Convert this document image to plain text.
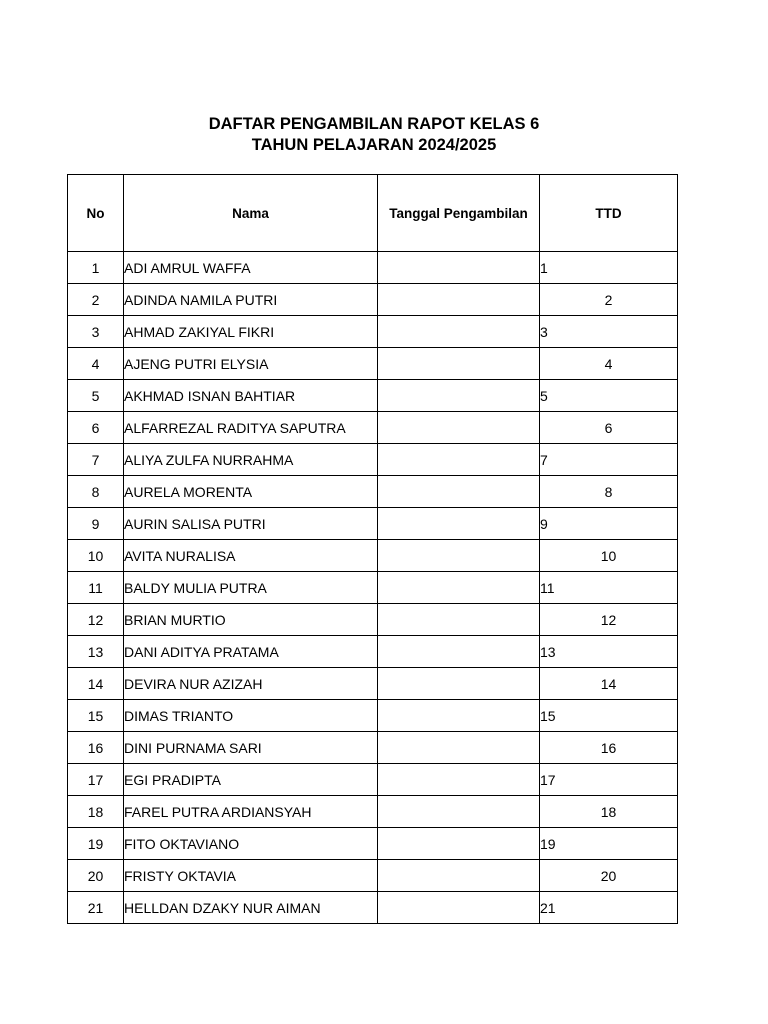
DAFTAR PENGAMBILAN RAPOT KELAS 6
TAHUN PELAJARAN 2024/2025
No	Nama	Tanggal Pengambilan	TTD
1	ADI AMRUL WAFFA		1
2	ADINDA NAMILA PUTRI		2
3	AHMAD ZAKIYAL FIKRI		3
4	AJENG PUTRI ELYSIA		4
5	AKHMAD ISNAN BAHTIAR		5
6	ALFARREZAL RADITYA SAPUTRA		6
7	ALIYA ZULFA NURRAHMA		7
8	AURELA MORENTA		8
9	AURIN SALISA PUTRI		9
10	AVITA NURALISA		10
11	BALDY MULIA PUTRA		11
12	BRIAN MURTIO		12
13	DANI ADITYA PRATAMA		13
14	DEVIRA NUR AZIZAH		14
15	DIMAS TRIANTO		15
16	DINI PURNAMA SARI		16
17	EGI PRADIPTA		17
18	FAREL PUTRA ARDIANSYAH		18
19	FITO OKTAVIANO		19
20	FRISTY OKTAVIA		20
21	HELLDAN DZAKY NUR AIMAN		21
